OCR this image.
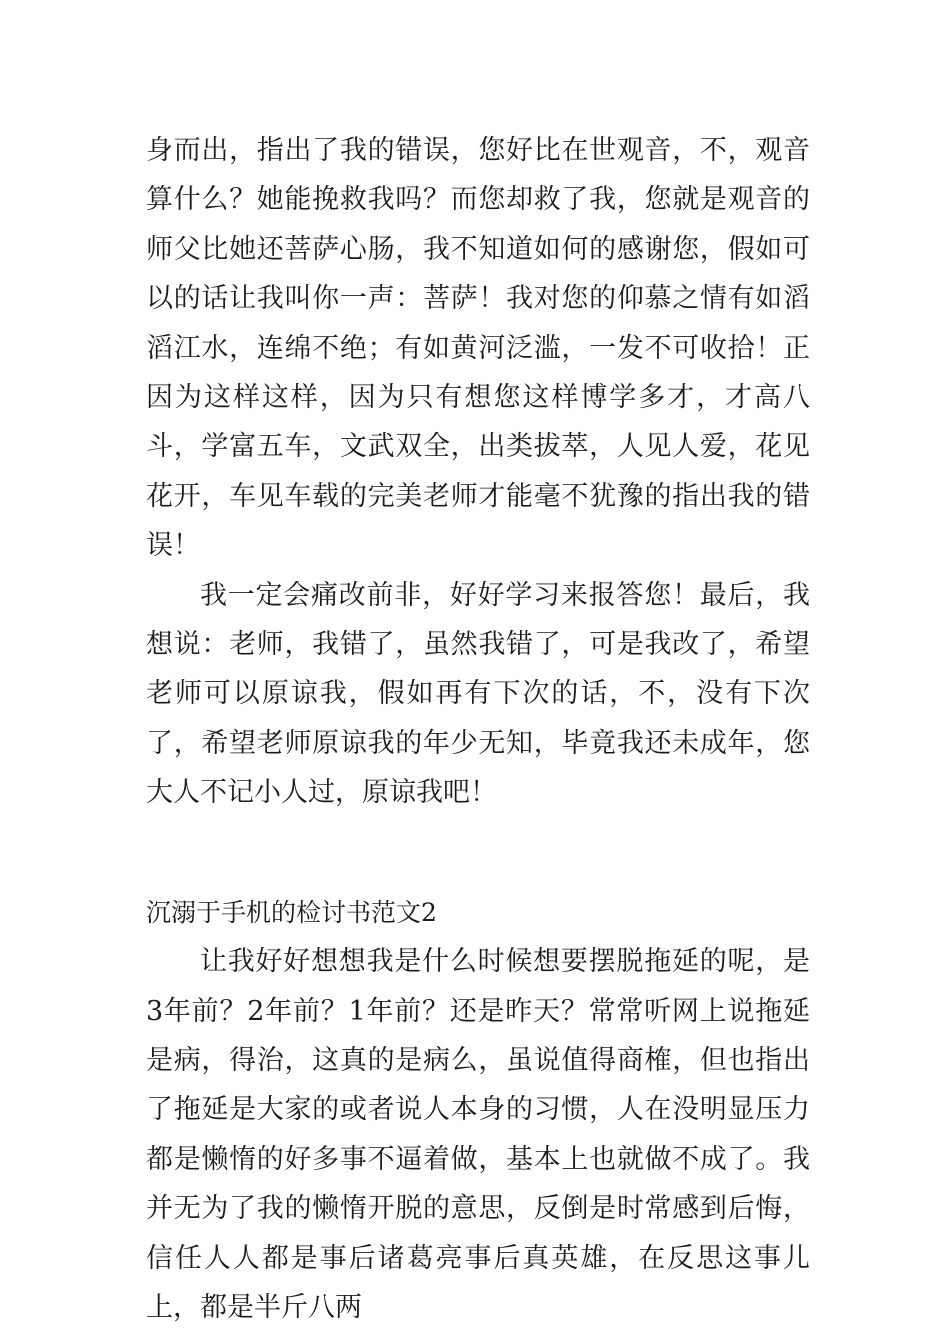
身而出，指出了我的错误，您好比在世观音，不，观音算什么？她能挽救我吗？而您却救了我，您就是观音的师父比她还菩萨心肠，我不知道如何的感谢您，假如可以的话让我叫你一声：菩萨！我对您的仰慕之情有如滔滔江水，连绵不绝；有如黄河泛滥，一发不可收拾！正因为这样这样，因为只有想您这样博学多才，才高八斗，学富五车，文武双全，出类拔萃，人见人爱，花见花开，车见车载的完美老师才能毫不犹豫的指出我的错误！

我一定会痛改前非，好好学习来报答您！最后，我想说：老师，我错了，虽然我错了，可是我改了，希望老师可以原谅我，假如再有下次的话，不，没有下次了，希望老师原谅我的年少无知，毕竟我还未成年，您大人不记小人过，原谅我吧！

沉溺于手机的检讨书范文2

让我好好想想我是什么时候想要摆脱拖延的呢，是3年前？2年前？1年前？还是昨天？常常听网上说拖延是病，得治，这真的是病么，虽说值得商榷，但也指出了拖延是大家的或者说人本身的习惯，人在没明显压力都是懒惰的好多事不逼着做，基本上也就做不成了。我并无为了我的懒惰开脱的意思，反倒是时常感到后悔，信任人人都是事后诸葛亮事后真英雄，在反思这事儿上，都是半斤八两
